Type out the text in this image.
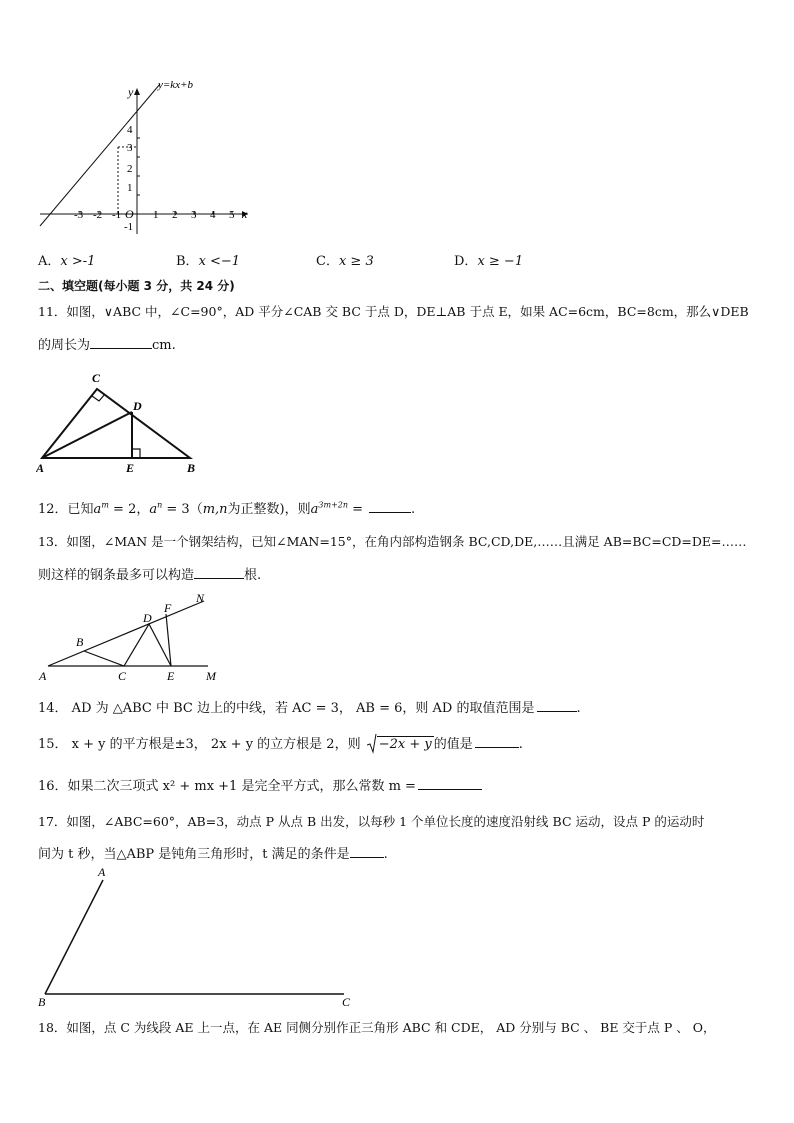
y=kx+b
y
x
O
-3 -2 -1	1 2 3 4 5
4
3
2
1
-1
A．x >-1	B．x <−1	C．x ≥ 3	D．x ≥ −1
二、填空题(每小题 3 分，共 24 分)
11．如图，∨ABC 中，∠C=90°，AD 平分∠CAB 交 BC 于点 D，DE⊥AB 于点 E，如果 AC=6cm，BC=8cm，那么∨DEB
的周长为	cm.
C
D
A	E	B
12．已知$a^m = 2$，$a^n = 3(m,n$为正整数)，则$a^{3m+2n}$ =	.
13．如图，∠MAN 是一个钢架结构，已知∠MAN=15°，在角内部构造钢条 BC,CD,DE,……且满足 AB=BC=CD=DE=……
则这样的钢条最多可以构造	根.
N
F
D
B
A	C	E	M
14． AD 为 △ABC 中 BC 边上的中线，若 AC = 3， AB = 6，则 AD 的取值范围是	.
15． x + y 的平方根是±3， 2x + y 的立方根是 2，则 −2x + y 的值是	.
16．如果二次三项式 x² + mx +1 是完全平方式，那么常数 m =
17．如图，∠ABC=60°，AB=3，动点 P 从点 B 出发，以每秒 1 个单位长度的速度沿射线 BC 运动，设点 P 的运动时
间为 t 秒，当△ABP 是钝角三角形时，t 满足的条件是	.
A
B	C
18．如图，点 C 为线段 AE 上一点，在 AE 同侧分别作正三角形 ABC 和 CDE， AD 分别与 BC 、 BE 交于点 P 、 O，
